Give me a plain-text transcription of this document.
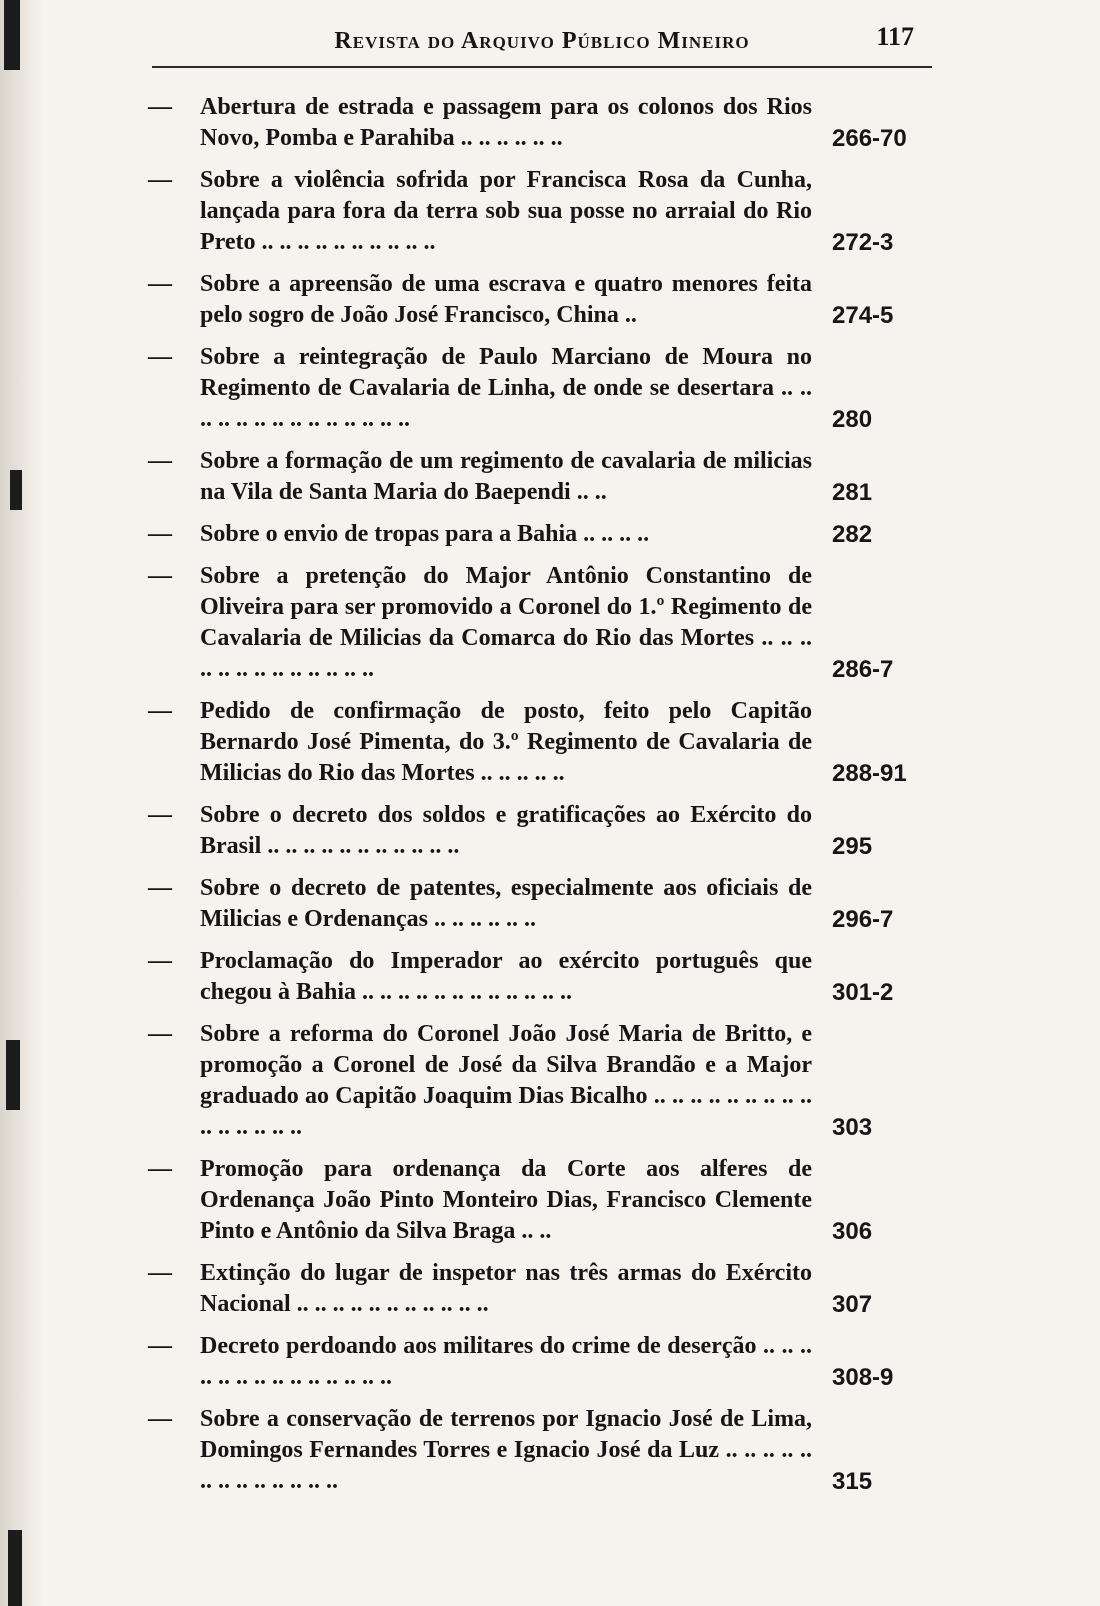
Revista do Arquivo Público Mineiro	117
—	Abertura de estrada e passagem para os colonos dos Rios Novo, Pomba e Parahiba .. .. .. .. .. ..	266-70
—	Sobre a violência sofrida por Francisca Rosa da Cunha, lançada para fora da terra sob sua posse no arraial do Rio Preto .. .. .. .. .. .. .. .. .. ..	272-3
—	Sobre a apreensão de uma escrava e quatro menores feita pelo sogro de João José Francisco, China ..	274-5
—	Sobre a reintegração de Paulo Marciano de Moura no Regimento de Cavalaria de Linha, de onde se desertara .. .. .. .. .. .. .. .. .. .. .. .. .. ..	280
—	Sobre a formação de um regimento de cavalaria de milicias na Vila de Santa Maria do Baependi .. ..	281
—	Sobre o envio de tropas para a Bahia .. .. .. ..	282
—	Sobre a pretenção do Major Antônio Constantino de Oliveira para ser promovido a Coronel do 1.º Regimento de Cavalaria de Milicias da Comarca do Rio das Mortes .. .. .. .. .. .. .. .. .. .. .. .. ..	286-7
—	Pedido de confirmação de posto, feito pelo Capitão Bernardo José Pimenta, do 3.º Regimento de Cavalaria de Milicias do Rio das Mortes .. .. .. .. ..	288-91
—	Sobre o decreto dos soldos e gratificações ao Exército do Brasil .. .. .. .. .. .. .. .. .. .. ..	295
—	Sobre o decreto de patentes, especialmente aos oficiais de Milicias e Ordenanças .. .. .. .. .. ..	296-7
—	Proclamação do Imperador ao exército português que chegou à Bahia .. .. .. .. .. .. .. .. .. .. .. ..	301-2
—	Sobre a reforma do Coronel João José Maria de Britto, e promoção a Coronel de José da Silva Brandão e a Major graduado ao Capitão Joaquim Dias Bicalho .. .. .. .. .. .. .. .. .. .. .. .. .. .. ..	303
—	Promoção para ordenança da Corte aos alferes de Ordenança João Pinto Monteiro Dias, Francisco Clemente Pinto e Antônio da Silva Braga .. ..	306
—	Extinção do lugar de inspetor nas três armas do Exército Nacional .. .. .. .. .. .. .. .. .. .. ..	307
—	Decreto perdoando aos militares do crime de deserção .. .. .. .. .. .. .. .. .. .. .. .. .. ..	308-9
—	Sobre a conservação de terrenos por Ignacio José de Lima, Domingos Fernandes Torres e Ignacio José da Luz .. .. .. .. .. .. .. .. .. .. .. .. ..	315
